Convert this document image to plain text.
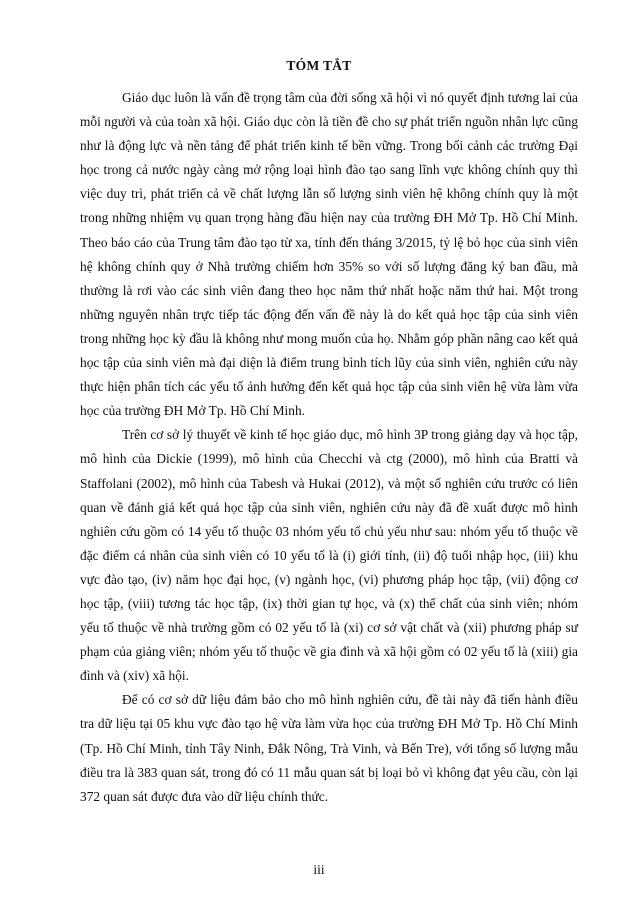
TÓM TẮT

Giáo dục luôn là vấn đề trọng tâm của đời sống xã hội vì nó quyết định tương lai của mỗi người và của toàn xã hội. Giáo dục còn là tiền đề cho sự phát triển nguồn nhân lực cũng như là động lực và nền tảng để phát triển kinh tế bền vững. Trong bối cảnh các trường Đại học trong cả nước ngày càng mở rộng loại hình đào tạo sang lĩnh vực không chính quy thì việc duy trì, phát triển cả về chất lượng lẫn số lượng sinh viên hệ không chính quy là một trong những nhiệm vụ quan trọng hàng đầu hiện nay của trường ĐH Mở Tp. Hồ Chí Minh. Theo báo cáo của Trung tâm đào tạo từ xa, tính đến tháng 3/2015, tỷ lệ bỏ học của sinh viên hệ không chính quy ở Nhà trường chiếm hơn 35% so với số lượng đăng ký ban đầu, mà thường là rơi vào các sinh viên đang theo học năm thứ nhất hoặc năm thứ hai. Một trong những nguyên nhân trực tiếp tác động đến vấn đề này là do kết quả học tập của sinh viên trong những học kỳ đầu là không như mong muốn của họ. Nhằm góp phần nâng cao kết quả học tập của sinh viên mà đại diện là điểm trung bình tích lũy của sinh viên, nghiên cứu này thực hiện phân tích các yếu tố ảnh hưởng đến kết quả học tập của sinh viên hệ vừa làm vừa học của trường ĐH Mở Tp. Hồ Chí Minh.

Trên cơ sở lý thuyết về kinh tế học giáo dục, mô hình 3P trong giảng dạy và học tập, mô hình của Dickie (1999), mô hình của Checchi và ctg (2000), mô hình của Bratti và Staffolani (2002), mô hình của Tabesh và Hukai (2012), và một số nghiên cứu trước có liên quan về đánh giá kết quả học tập của sinh viên, nghiên cứu này đã đề xuất được mô hình nghiên cứu gồm có 14 yếu tố thuộc 03 nhóm yếu tố chủ yếu như sau: nhóm yếu tố thuộc về đặc điểm cá nhân của sinh viên có 10 yếu tố là (i) giới tính, (ii) độ tuổi nhập học, (iii) khu vực đào tạo, (iv) năm học đại học, (v) ngành học, (vi) phương pháp học tập, (vii) động cơ học tập, (viii) tương tác học tập, (ix) thời gian tự học, và (x) thể chất của sinh viên; nhóm yếu tố thuộc về nhà trường gồm có 02 yếu tố là (xi) cơ sở vật chất và (xii) phương pháp sư phạm của giảng viên; nhóm yếu tố thuộc về gia đình và xã hội gồm có 02 yếu tố là (xiii) gia đình và (xiv) xã hội.

Để có cơ sở dữ liệu đảm bảo cho mô hình nghiên cứu, đề tài này đã tiến hành điều tra dữ liệu tại 05 khu vực đào tạo hệ vừa làm vừa học của trường ĐH Mở Tp. Hồ Chí Minh (Tp. Hồ Chí Minh, tỉnh Tây Ninh, Đắk Nông, Trà Vinh, và Bến Tre), với tổng số lượng mẫu điều tra là 383 quan sát, trong đó có 11 mẫu quan sát bị loại bỏ vì không đạt yêu cầu, còn lại 372 quan sát được đưa vào dữ liệu chính thức.

iii
